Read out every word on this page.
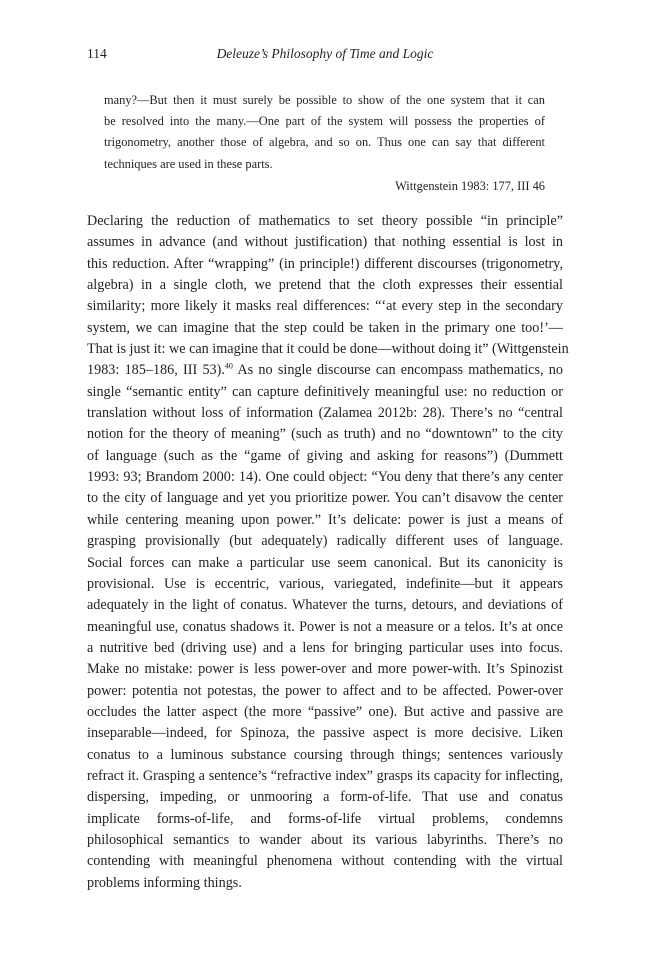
114	Deleuze’s Philosophy of Time and Logic

many?—But then it must surely be possible to show of the one system that it can
be resolved into the many.—One part of the system will possess the properties of
trigonometry, another those of algebra, and so on. Thus one can say that different
techniques are used in these parts.

Wittgenstein 1983: 177, III 46

Declaring the reduction of mathematics to set theory possible “in principle”
assumes in advance (and without justification) that nothing essential is lost in
this reduction. After “wrapping” (in principle!) different discourses (trigonometry,
algebra) in a single cloth, we pretend that the cloth expresses their essential
similarity; more likely it masks real differences: “‘at every step in the secondary
system, we can imagine that the step could be taken in the primary one too!’—
That is just it: we can imagine that it could be done—without doing it” (Wittgenstein
1983: 185–186, III 53).$^{40}$ As no single discourse can encompass mathematics, no
single “semantic entity” can capture definitively meaningful use: no reduction or
translation without loss of information (Zalamea 2012b: 28). There’s no “central
notion for the theory of meaning” (such as truth) and no “downtown” to the city
of language (such as the “game of giving and asking for reasons”) (Dummett
1993: 93; Brandom 2000: 14). One could object: “You deny that there’s any center
to the city of language and yet you prioritize power. You can’t disavow the center
while centering meaning upon power.” It’s delicate: power is just a means of
grasping provisionally (but adequately) radically different uses of language.
Social forces can make a particular use seem canonical. But its canonicity is
provisional. Use is eccentric, various, variegated, indefinite—but it appears
adequately in the light of conatus. Whatever the turns, detours, and deviations of
meaningful use, conatus shadows it. Power is not a measure or a telos. It’s at once
a nutritive bed (driving use) and a lens for bringing particular uses into focus.
Make no mistake: power is less power-over and more power-with. It’s Spinozist
power: potentia not potestas, the power to affect and to be affected. Power-over
occludes the latter aspect (the more “passive” one). But active and passive are
inseparable—indeed, for Spinoza, the passive aspect is more decisive. Liken
conatus to a luminous substance coursing through things; sentences variously
refract it. Grasping a sentence’s “refractive index” grasps its capacity for inflecting,
dispersing, impeding, or unmooring a form-of-life. That use and conatus
implicate forms-of-life, and forms-of-life virtual problems, condemns
philosophical semantics to wander about its various labyrinths. There’s no
contending with meaningful phenomena without contending with the virtual
problems informing things.
